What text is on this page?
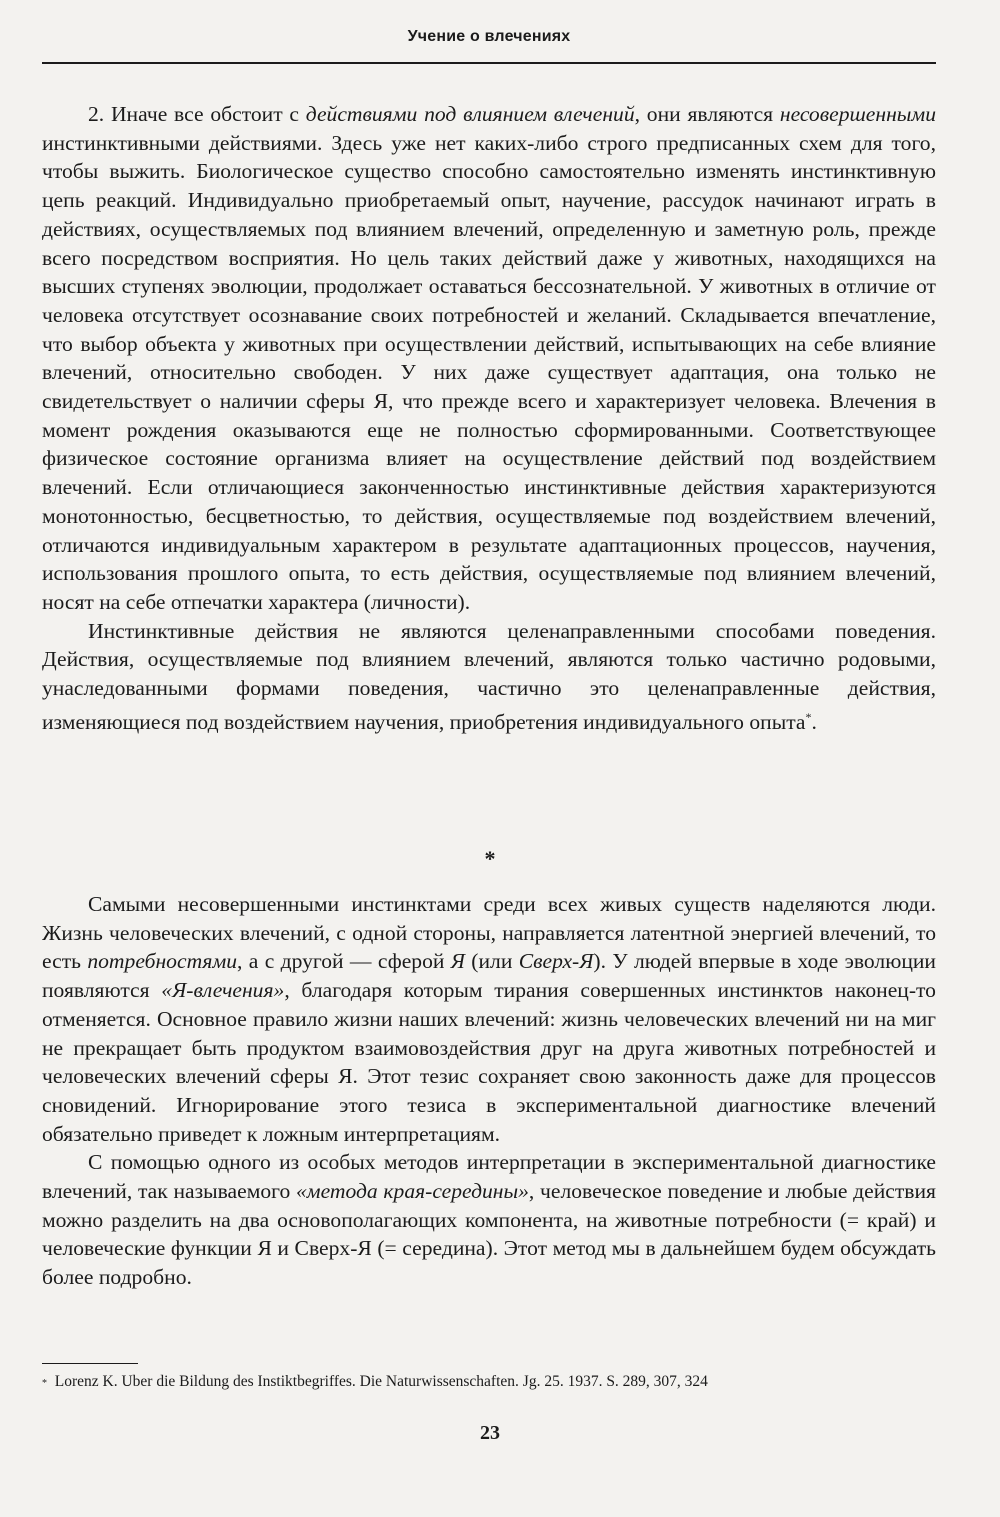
Учение о влечениях

2. Иначе все обстоит с действиями под влиянием влечений, они являются несовершенными инстинктивными действиями. Здесь уже нет каких-либо строго предписанных схем для того, чтобы выжить. Биологическое существо способно самостоятельно изменять инстинктивную цепь реакций. Индивидуально приобретаемый опыт, научение, рассудок начинают играть в действиях, осуществляемых под влиянием влечений, определенную и заметную роль, прежде всего посредством восприятия. Но цель таких действий даже у животных, находящихся на высших ступенях эволюции, продолжает оставаться бессознательной. У животных в отличие от человека отсутствует осознавание своих потребностей и желаний. Складывается впечатление, что выбор объекта у животных при осуществлении действий, испытывающих на себе влияние влечений, относительно свободен. У них даже существует адаптация, она только не свидетельствует о наличии сферы Я, что прежде всего и характеризует человека. Влечения в момент рождения оказываются еще не полностью сформированными. Соответствующее физическое состояние организма влияет на осуществление действий под воздействием влечений. Если отличающиеся законченностью инстинктивные действия характеризуются монотонностью, бесцветностью, то действия, осуществляемые под воздействием влечений, отличаются индивидуальным характером в результате адаптационных процессов, научения, использования прошлого опыта, то есть действия, осуществляемые под влиянием влечений, носят на себе отпечатки характера (личности).

Инстинктивные действия не являются целенаправленными способами поведения. Действия, осуществляемые под влиянием влечений, являются только частично родовыми, унаследованными формами поведения, частично это целенаправленные действия, изменяющиеся под воздействием научения, приобретения индивидуального опыта*.

*

Самыми несовершенными инстинктами среди всех живых существ наделяются люди. Жизнь человеческих влечений, с одной стороны, направляется латентной энергией влечений, то есть потребностями, а с другой — сферой Я (или Сверх-Я). У людей впервые в ходе эволюции появляются «Я-влечения», благодаря которым тирания совершенных инстинктов наконец-то отменяется. Основное правило жизни наших влечений: жизнь человеческих влечений ни на миг не прекращает быть продуктом взаимовоздействия друг на друга животных потребностей и человеческих влечений сферы Я. Этот тезис сохраняет свою законность даже для процессов сновидений. Игнорирование этого тезиса в экспериментальной диагностике влечений обязательно приведет к ложным интерпретациям.

С помощью одного из особых методов интерпретации в экспериментальной диагностике влечений, так называемого «метода края-середины», человеческое поведение и любые действия можно разделить на два основополагающих компонента, на животные потребности (= край) и человеческие функции Я и Сверх-Я (= середина). Этот метод мы в дальнейшем будем обсуждать более подробно.

* Lorenz K. Uber die Bildung des Instiktbegriffes. Die Naturwissenschaften. Jg. 25. 1937. S. 289, 307, 324
23
